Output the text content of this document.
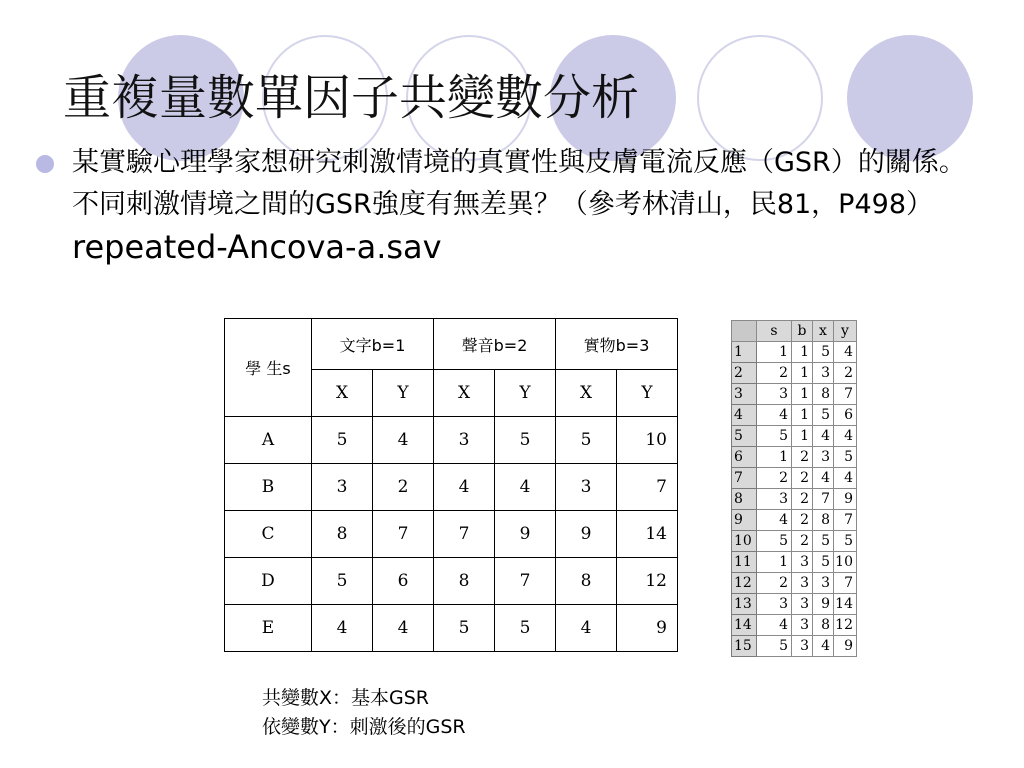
重複量數單因子共變數分析
某實驗心理學家想研究刺激情境的真實性與皮膚電流反應（GSR）的關係。不同刺激情境之間的GSR強度有無差異？（參考林清山，民81，P498）repeated-Ancova-a.sav
學 生s	文字b=1		聲音b=2		實物b=3	
	X	Y	X	Y	X	Y
A	5	4	3	5	5	10
B	3	2	4	4	3	7
C	8	7	7	9	9	14
D	5	6	8	7	8	12
E	4	4	5	5	4	9
共變數X：基本GSR
依變數Y：刺激後的GSR
	s	b	x	y
1	1	1	5	4
2	2	1	3	2
3	3	1	8	7
4	4	1	5	6
5	5	1	4	4
6	1	2	3	5
7	2	2	4	4
8	3	2	7	9
9	4	2	8	7
10	5	2	5	5
11	1	3	5	10
12	2	3	3	7
13	3	3	9	14
14	4	3	8	12
15	5	3	4	9
